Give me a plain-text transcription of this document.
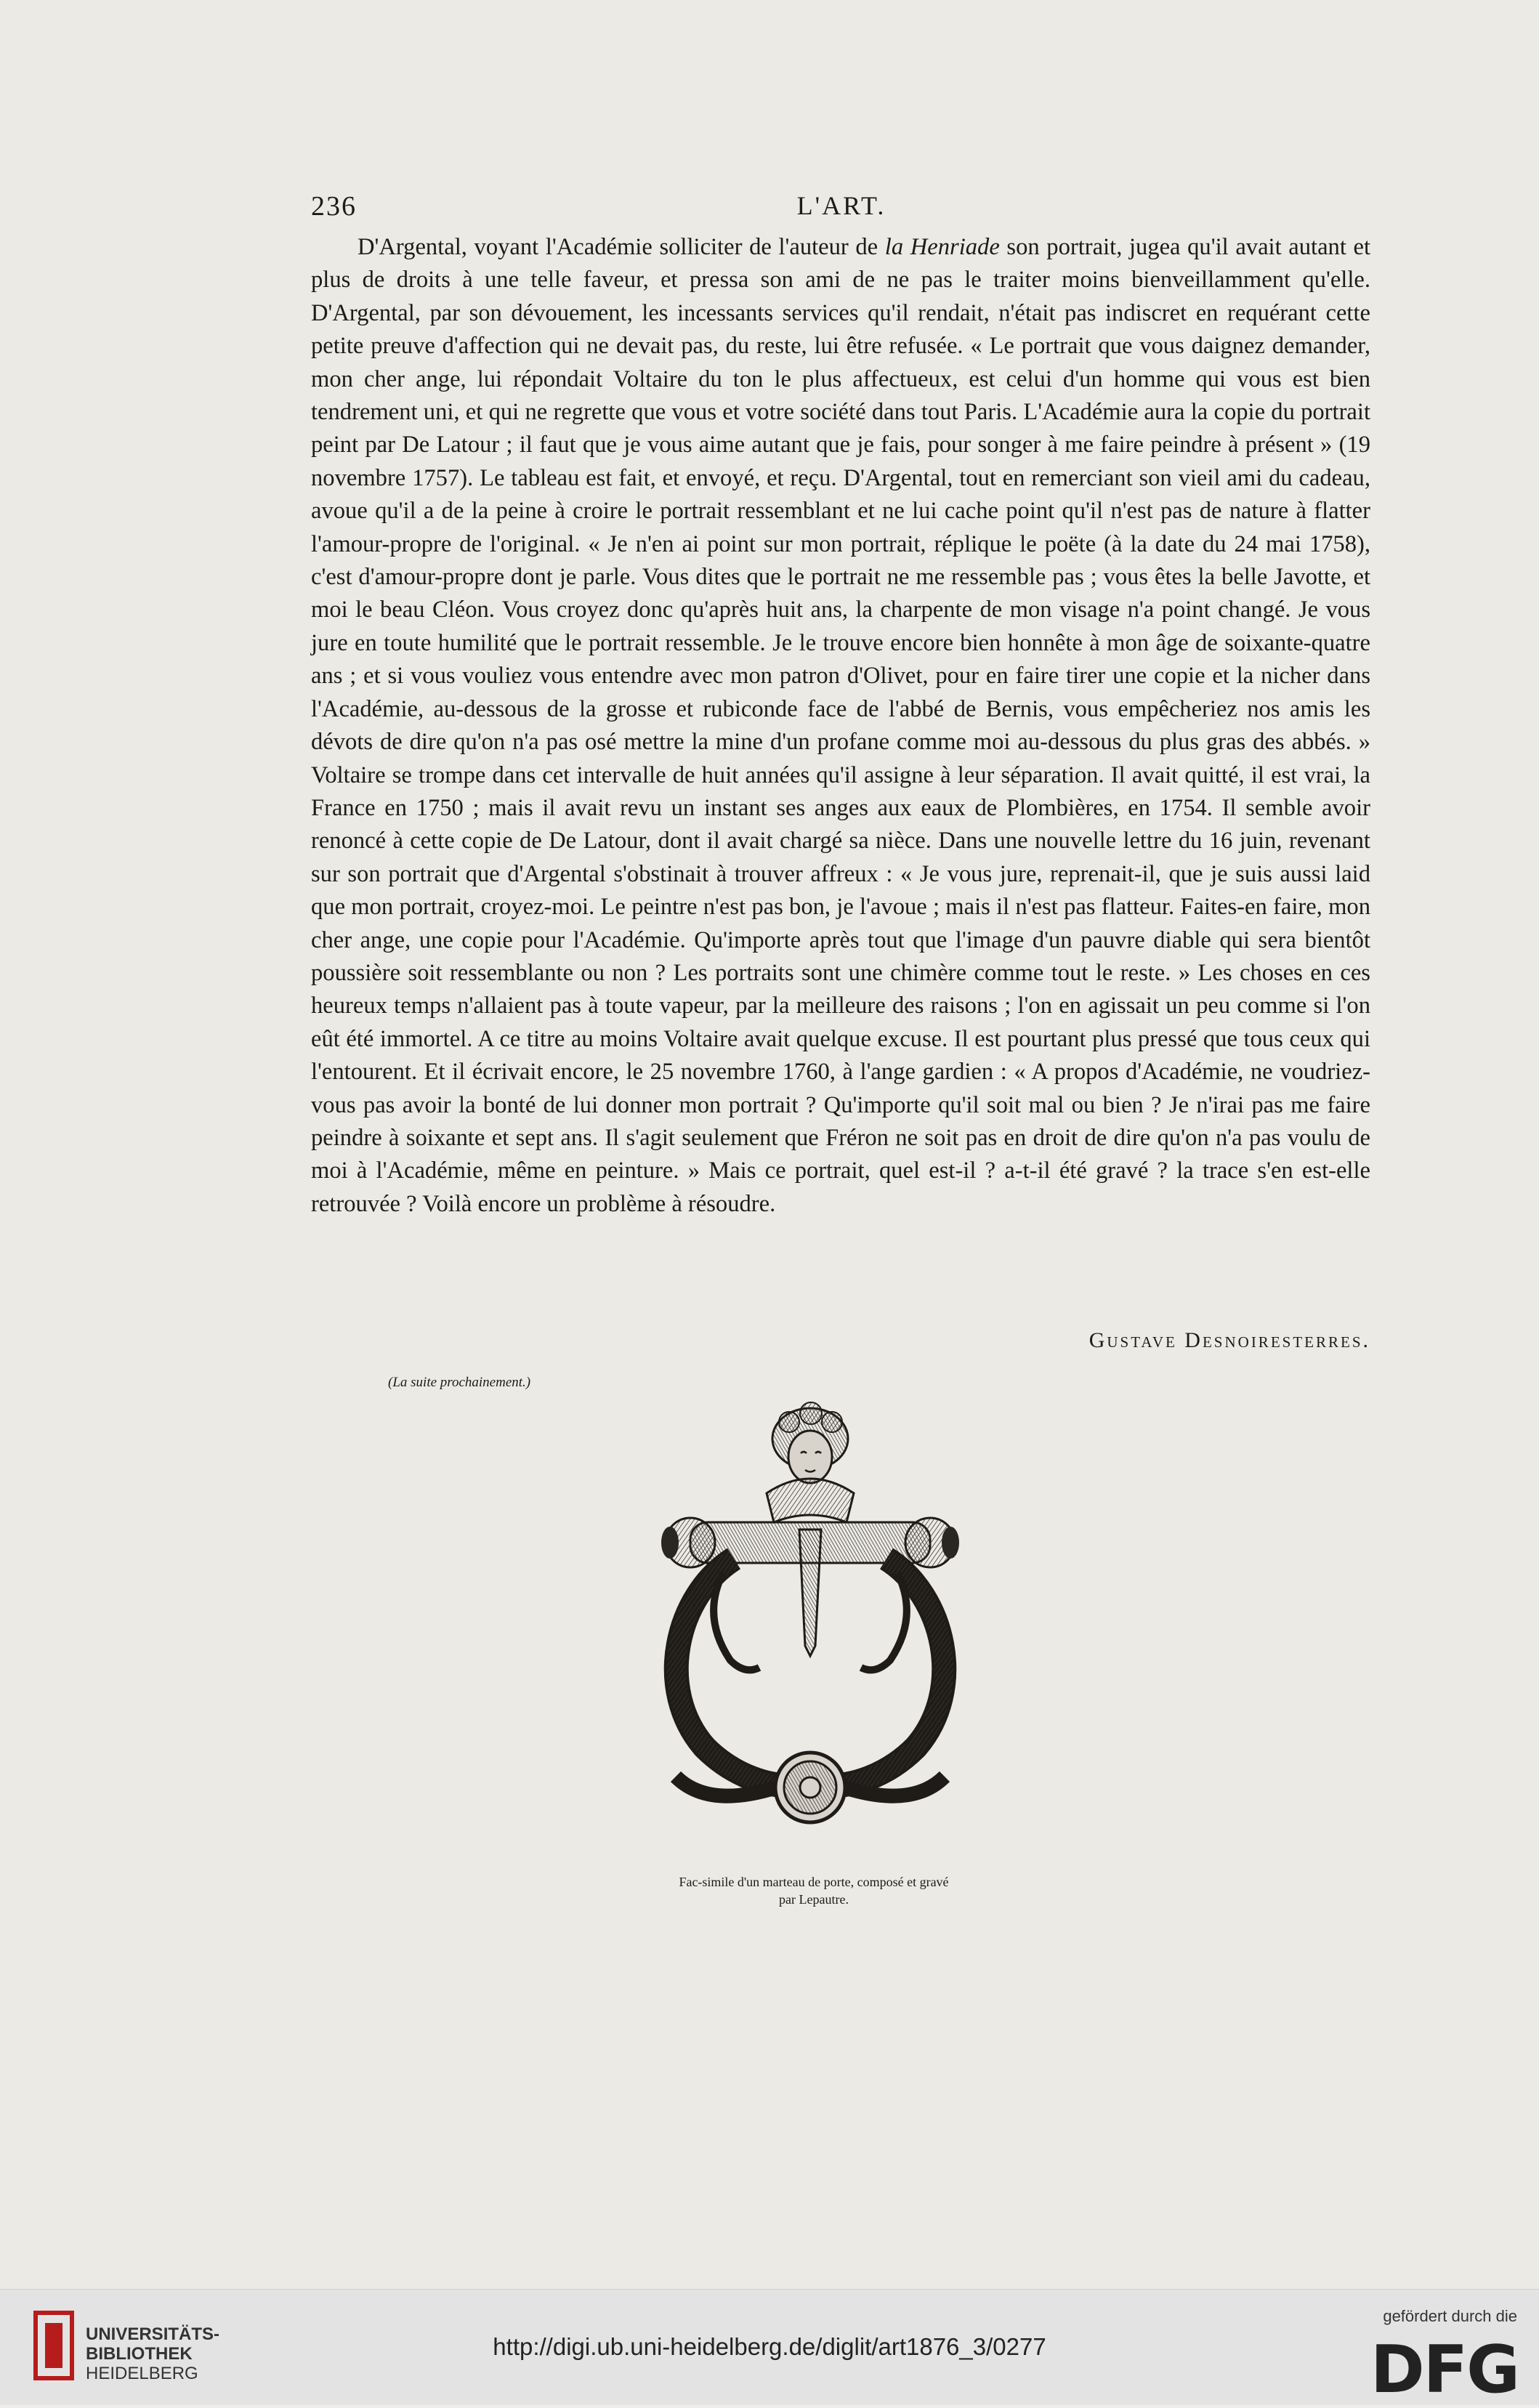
236	L'ART.

D'Argental, voyant l'Académie solliciter de l'auteur de la Henriade son portrait, jugea qu'il avait autant et plus de droits à une telle faveur, et pressa son ami de ne pas le traiter moins bienveillamment qu'elle. D'Argental, par son dévouement, les incessants services qu'il rendait, n'était pas indiscret en requérant cette petite preuve d'affection qui ne devait pas, du reste, lui être refusée. « Le portrait que vous daignez demander, mon cher ange, lui répondait Voltaire du ton le plus affectueux, est celui d'un homme qui vous est bien tendrement uni, et qui ne regrette que vous et votre société dans tout Paris. L'Académie aura la copie du portrait peint par De Latour ; il faut que je vous aime autant que je fais, pour songer à me faire peindre à présent » (19 novembre 1757). Le tableau est fait, et envoyé, et reçu. D'Argental, tout en remerciant son vieil ami du cadeau, avoue qu'il a de la peine à croire le portrait ressemblant et ne lui cache point qu'il n'est pas de nature à flatter l'amour-propre de l'original. « Je n'en ai point sur mon portrait, réplique le poëte (à la date du 24 mai 1758), c'est d'amour-propre dont je parle. Vous dites que le portrait ne me ressemble pas ; vous êtes la belle Javotte, et moi le beau Cléon. Vous croyez donc qu'après huit ans, la charpente de mon visage n'a point changé. Je vous jure en toute humilité que le portrait ressemble. Je le trouve encore bien honnête à mon âge de soixante-quatre ans ; et si vous vouliez vous entendre avec mon patron d'Olivet, pour en faire tirer une copie et la nicher dans l'Académie, au-dessous de la grosse et rubiconde face de l'abbé de Bernis, vous empêcheriez nos amis les dévots de dire qu'on n'a pas osé mettre la mine d'un profane comme moi au-dessous du plus gras des abbés. » Voltaire se trompe dans cet intervalle de huit années qu'il assigne à leur séparation. Il avait quitté, il est vrai, la France en 1750 ; mais il avait revu un instant ses anges aux eaux de Plombières, en 1754. Il semble avoir renoncé à cette copie de De Latour, dont il avait chargé sa nièce. Dans une nouvelle lettre du 16 juin, revenant sur son portrait que d'Argental s'obstinait à trouver affreux : « Je vous jure, reprenait-il, que je suis aussi laid que mon portrait, croyez-moi. Le peintre n'est pas bon, je l'avoue ; mais il n'est pas flatteur. Faites-en faire, mon cher ange, une copie pour l'Académie. Qu'importe après tout que l'image d'un pauvre diable qui sera bientôt poussière soit ressemblante ou non ? Les portraits sont une chimère comme tout le reste. » Les choses en ces heureux temps n'allaient pas à toute vapeur, par la meilleure des raisons ; l'on en agissait un peu comme si l'on eût été immortel. A ce titre au moins Voltaire avait quelque excuse. Il est pourtant plus pressé que tous ceux qui l'entourent. Et il écrivait encore, le 25 novembre 1760, à l'ange gardien : « A propos d'Académie, ne voudriez-vous pas avoir la bonté de lui donner mon portrait ? Qu'importe qu'il soit mal ou bien ? Je n'irai pas me faire peindre à soixante et sept ans. Il s'agit seulement que Fréron ne soit pas en droit de dire qu'on n'a pas voulu de moi à l'Académie, même en peinture. » Mais ce portrait, quel est-il ? a-t-il été gravé ? la trace s'en est-elle retrouvée ? Voilà encore un problème à résoudre.

Gustave Desnoiresterres.
(La suite prochainement.)
Fac-simile d'un marteau de porte, composé et gravé
par Lepautre.
UNIVERSITÄTS-
BIBLIOTHEK
HEIDELBERG
http://digi.ub.uni-heidelberg.de/diglit/art1876_3/0277
gefördert durch die
DFG
